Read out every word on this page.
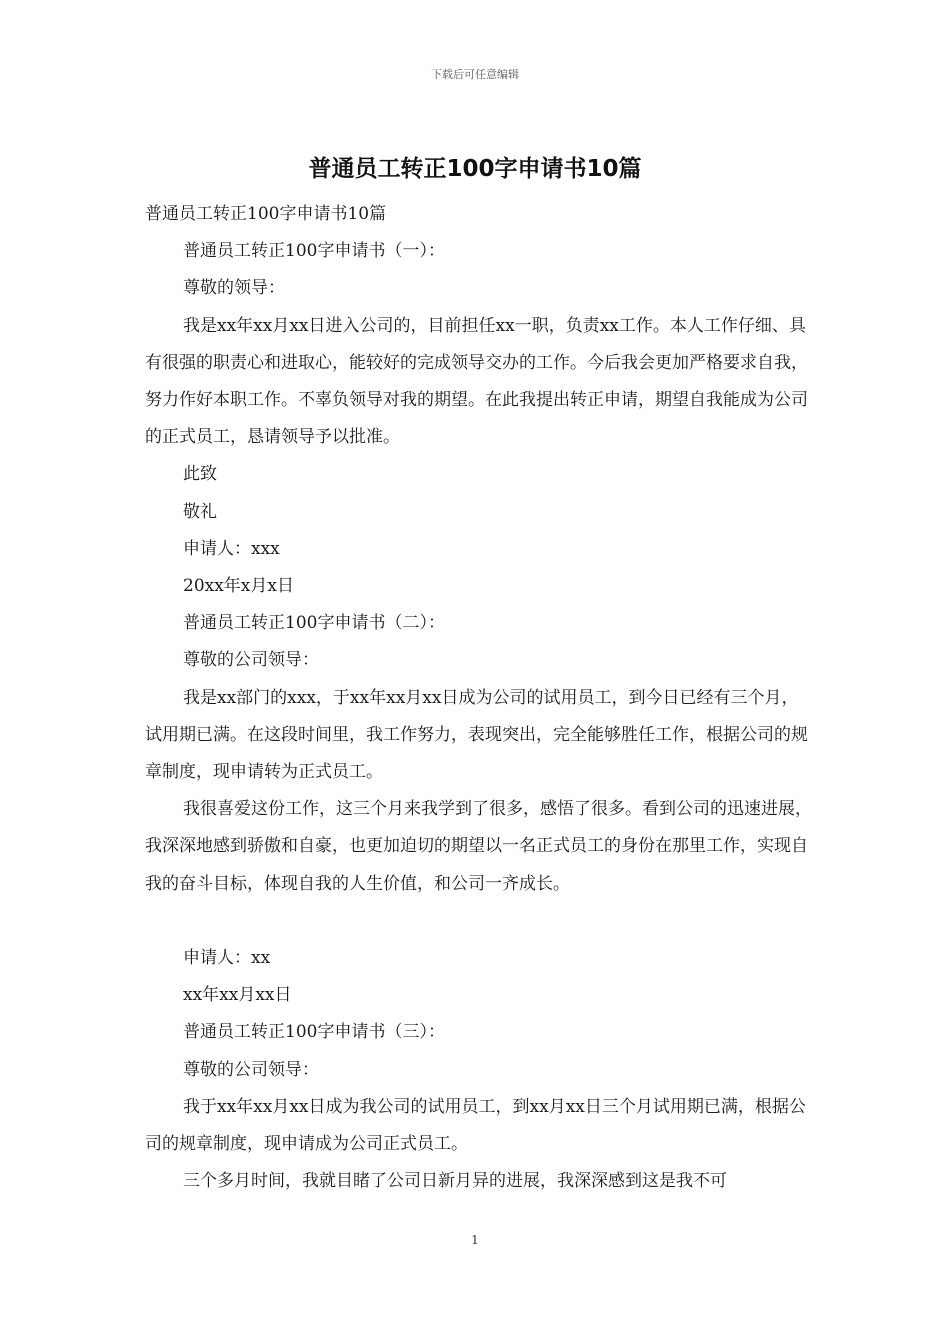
下载后可任意编辑
普通员工转正100字申请书10篇

普通员工转正100字申请书10篇

普通员工转正100字申请书（一）：

尊敬的领导：

我是xx年xx月xx日进入公司的，目前担任xx一职，负责xx工作。本人工作仔细、具有很强的职责心和进取心，能较好的完成领导交办的工作。今后我会更加严格要求自我，努力作好本职工作。不辜负领导对我的期望。在此我提出转正申请，期望自我能成为公司的正式员工，恳请领导予以批准。

此致

敬礼

申请人：xxx

20xx年x月x日

普通员工转正100字申请书（二）：

尊敬的公司领导：

我是xx部门的xxx，于xx年xx月xx日成为公司的试用员工，到今日已经有三个月，试用期已满。在这段时间里，我工作努力，表现突出，完全能够胜任工作，根据公司的规章制度，现申请转为正式员工。

我很喜爱这份工作，这三个月来我学到了很多，感悟了很多。看到公司的迅速进展，我深深地感到骄傲和自豪，也更加迫切的期望以一名正式员工的身份在那里工作，实现自我的奋斗目标，体现自我的人生价值，和公司一齐成长。

申请人：xx

xx年xx月xx日

普通员工转正100字申请书（三）：

尊敬的公司领导：

我于xx年xx月xx日成为我公司的试用员工，到xx月xx日三个月试用期已满，根据公司的规章制度，现申请成为公司正式员工。

三个多月时间，我就目睹了公司日新月异的进展，我深深感到这是我不可

1
